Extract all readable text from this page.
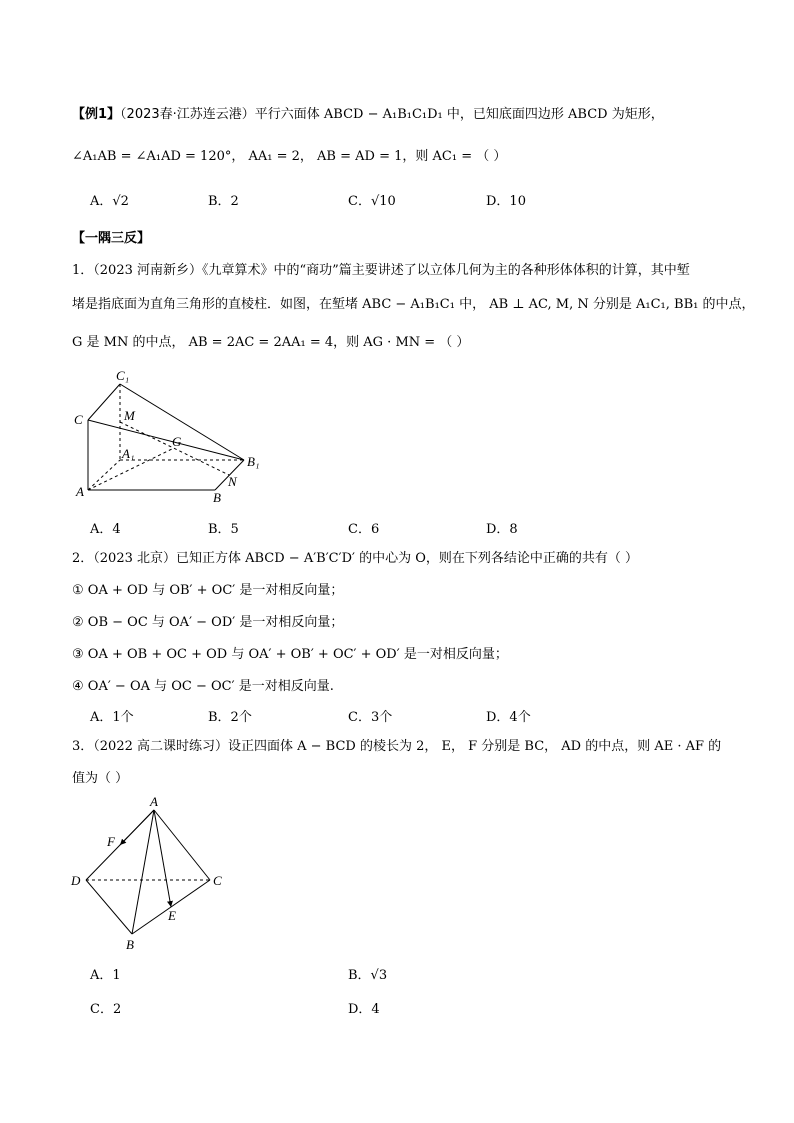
【例1】（2023春·江苏连云港）平行六面体 ABCD − A₁B₁C₁D₁ 中，已知底面四边形 ABCD 为矩形，
∠A₁AB = ∠A₁AD = 120°， AA₁ = 2， AB = AD = 1，则 AC₁ = （ ）
A．√2	B．2	C．√10	D．10
【一隅三反】
1．（2023 河南新乡）《九章算术》中的“商功”篇主要讲述了以立体几何为主的各种形体体积的计算，其中堑
堵是指底面为直角三角形的直棱柱．如图，在堑堵 ABC − A₁B₁C₁ 中， AB ⊥ AC, M, N 分别是 A₁C₁, BB₁ 的中点，
G 是 MN 的中点， AB = 2AC = 2AA₁ = 4，则 AG · MN = （ ）
C₁
C	M
G
A₁
B₁
N
A	B
A．4	B．5	C．6	D．8
2．（2023 北京）已知正方体 ABCD − A′B′C′D′ 的中心为 O，则在下列各结论中正确的共有（ ）
① OA + OD 与 OB′ + OC′ 是一对相反向量；
② OB − OC 与 OA′ − OD′ 是一对相反向量；
③ OA + OB + OC + OD 与 OA′ + OB′ + OC′ + OD′ 是一对相反向量；
④ OA′ − OA 与 OC − OC′ 是一对相反向量.
A．1个	B．2个	C．3个	D．4个
3．（2022 高二课时练习）设正四面体 A − BCD 的棱长为 2， E， F 分别是 BC， AD 的中点，则 AE · AF 的
值为（ ）
A
F
D	C
E
B
A．1	B．√3
C．2	D．4
